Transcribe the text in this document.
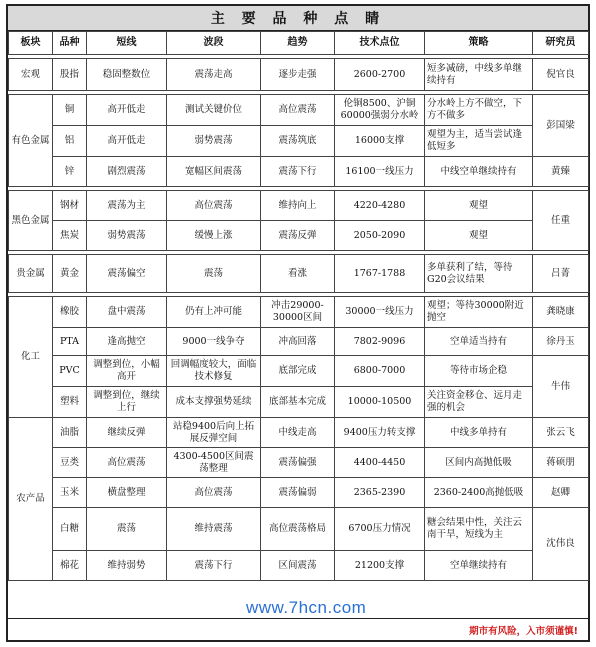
主 要 品 种 点 睛
板块	品种	短线	波段	趋势	技术点位	策略	研究员

宏观	股指	稳固整数位	震荡走高	逐步走强	2600-2700	短多减磅，中线多单继续持有	倪官良

有色金属	铜	高开低走	测试关键价位	高位震荡	伦铜8500、沪铜60000强弱分水岭	分水岭上方不做空，下方不做多	彭国梁
	铝	高开低走	弱势震荡	震荡筑底	16000支撑	观望为主，适当尝试逢低短多	
	锌	剧烈震荡	宽幅区间震荡	震荡下行	16100一线压力	中线空单继续持有	黄臻

黑色金属	钢材	震荡为主	高位震荡	维持向上	4220-4280	观望	任重
	焦炭	弱势震荡	缓慢上涨	震荡反弹	2050-2090	观望	

贵金属	黄金	震荡偏空	震荡	看涨	1767-1788	多单获利了结，等待G20会议结果	吕菁

化工	橡胶	盘中震荡	仍有上冲可能	冲击29000-30000区间	30000一线压力	观望；等待30000附近抛空	龚晓康
	PTA	逢高抛空	9000一线争夺	冲高回落	7802-9096	空单适当持有	徐丹玉
	PVC	调整到位，小幅高开	回调幅度较大，面临技术修复	底部完成	6800-7000	等待市场企稳	牛伟
	塑料	调整到位，继续上行	成本支撑强势延续	底部基本完成	10000-10500	关注资金移仓、远月走强的机会	
农产品	油脂	继续反弹	站稳9400后向上拓展反弹空间	中线走高	9400压力转支撑	中线多单持有	张云飞
	豆类	高位震荡	4300-4500区间震荡整理	震荡偏强	4400-4450	区间内高抛低吸	蒋硕朋
	玉米	横盘整理	高位震荡	震荡偏弱	2365-2390	2360-2400高抛低吸	赵卿
	白糖	震荡	维持震荡	高位震荡格局	6700压力情况	糖会结果中性，关注云南干旱，短线为主	沈伟良
	棉花	维持弱势	震荡下行	区间震荡	21200支撑	空单继续持有	
期市有风险，入市须谨慎!
www.7hcn.com
